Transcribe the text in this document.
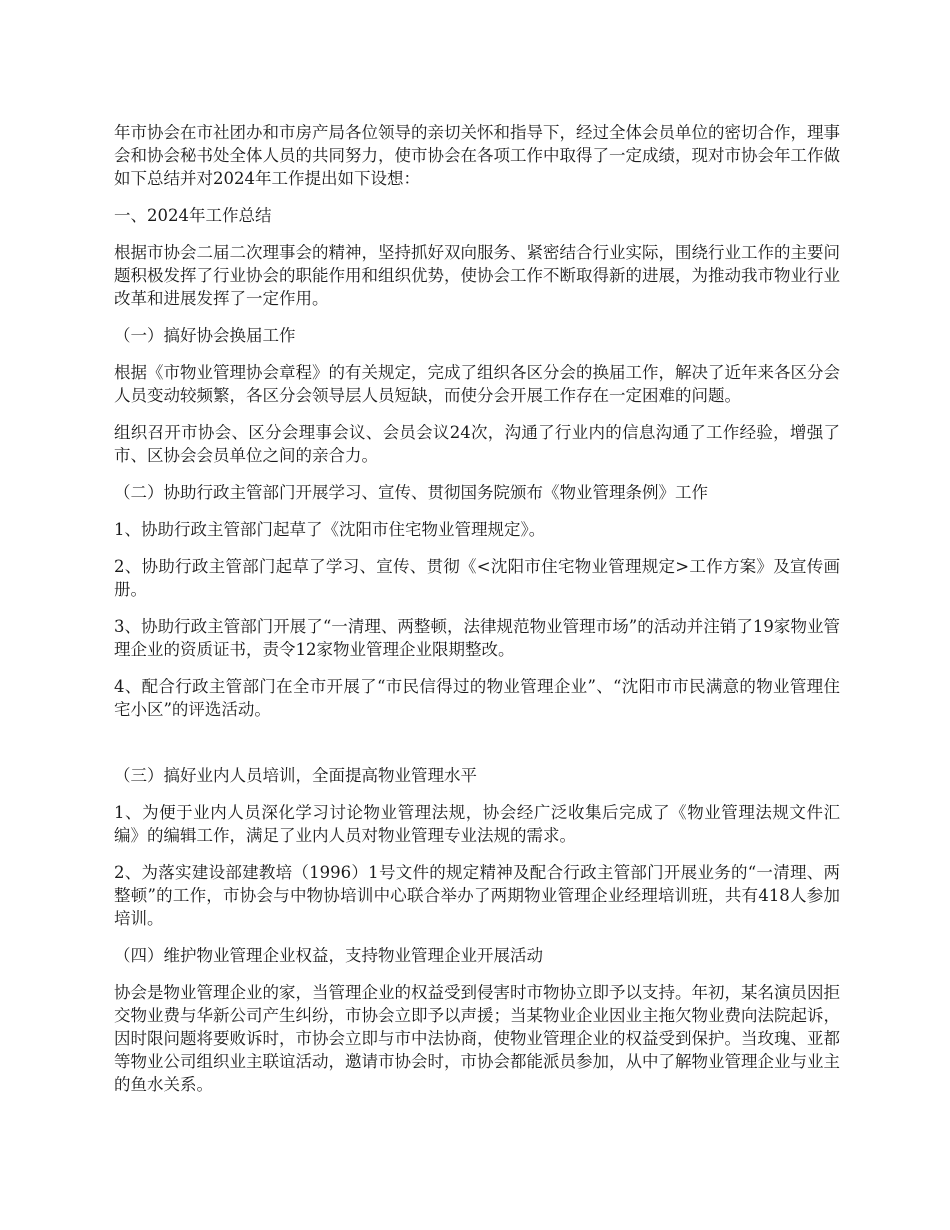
年市协会在市社团办和市房产局各位领导的亲切关怀和指导下，经过全体会员单位的密切合作，理事会和协会秘书处全体人员的共同努力，使市协会在各项工作中取得了一定成绩，现对市协会年工作做如下总结并对2024年工作提出如下设想：

一、2024年工作总结

根据市协会二届二次理事会的精神，坚持抓好双向服务、紧密结合行业实际，围绕行业工作的主要问题积极发挥了行业协会的职能作用和组织优势，使协会工作不断取得新的进展，为推动我市物业行业改革和进展发挥了一定作用。

（一）搞好协会换届工作

根据《市物业管理协会章程》的有关规定，完成了组织各区分会的换届工作，解决了近年来各区分会人员变动较频繁，各区分会领导层人员短缺，而使分会开展工作存在一定困难的问题。

组织召开市协会、区分会理事会议、会员会议24次，沟通了行业内的信息沟通了工作经验，增强了市、区协会会员单位之间的亲合力。

（二）协助行政主管部门开展学习、宣传、贯彻国务院颁布《物业管理条例》工作

1、协助行政主管部门起草了《沈阳市住宅物业管理规定》。

2、协助行政主管部门起草了学习、宣传、贯彻《<沈阳市住宅物业管理规定>工作方案》及宣传画册。

3、协助行政主管部门开展了“一清理、两整顿，法律规范物业管理市场”的活动并注销了19家物业管理企业的资质证书，责令12家物业管理企业限期整改。

4、配合行政主管部门在全市开展了“市民信得过的物业管理企业”、“沈阳市市民满意的物业管理住宅小区”的评选活动。

（三）搞好业内人员培训，全面提高物业管理水平

1、为便于业内人员深化学习讨论物业管理法规，协会经广泛收集后完成了《物业管理法规文件汇编》的编辑工作，满足了业内人员对物业管理专业法规的需求。

2、为落实建设部建教培（1996）1号文件的规定精神及配合行政主管部门开展业务的“一清理、两整顿”的工作，市协会与中物协培训中心联合举办了两期物业管理企业经理培训班，共有418人参加培训。

（四）维护物业管理企业权益，支持物业管理企业开展活动

协会是物业管理企业的家，当管理企业的权益受到侵害时市物协立即予以支持。年初，某名演员因拒交物业费与华新公司产生纠纷，市协会立即予以声援；当某物业企业因业主拖欠物业费向法院起诉，因时限问题将要败诉时，市协会立即与市中法协商，使物业管理企业的权益受到保护。当玫瑰、亚都等物业公司组织业主联谊活动，邀请市协会时，市协会都能派员参加，从中了解物业管理企业与业主的鱼水关系。
